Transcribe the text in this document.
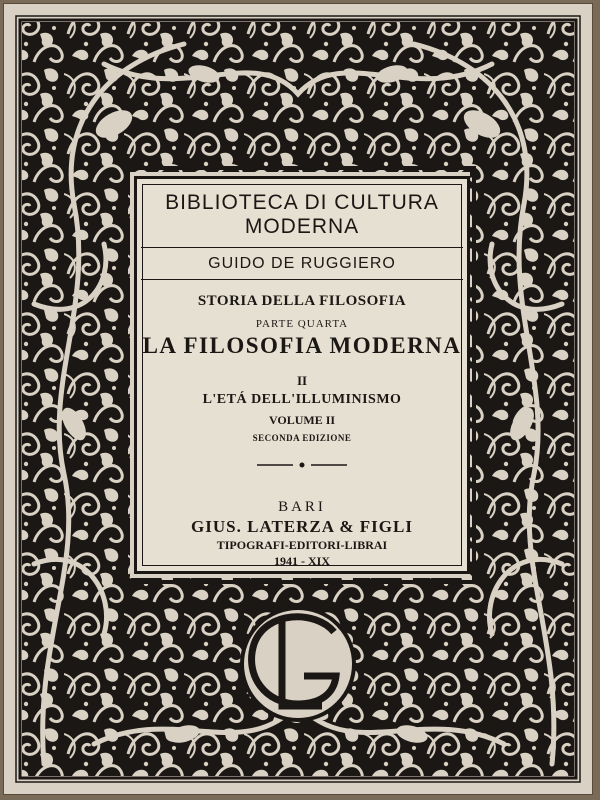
BIBLIOTECA DI CULTURA
MODERNA
GUIDO DE RUGGIERO
STORIA DELLA FILOSOFIA
PARTE QUARTA
LA FILOSOFIA MODERNA
II
L'ETÁ DELL'ILLUMINISMO
VOLUME II
SECONDA EDIZIONE
BARI
GIUS. LATERZA & FIGLI
TIPOGRAFI-EDITORI-LIBRAI
1941 - XIX
